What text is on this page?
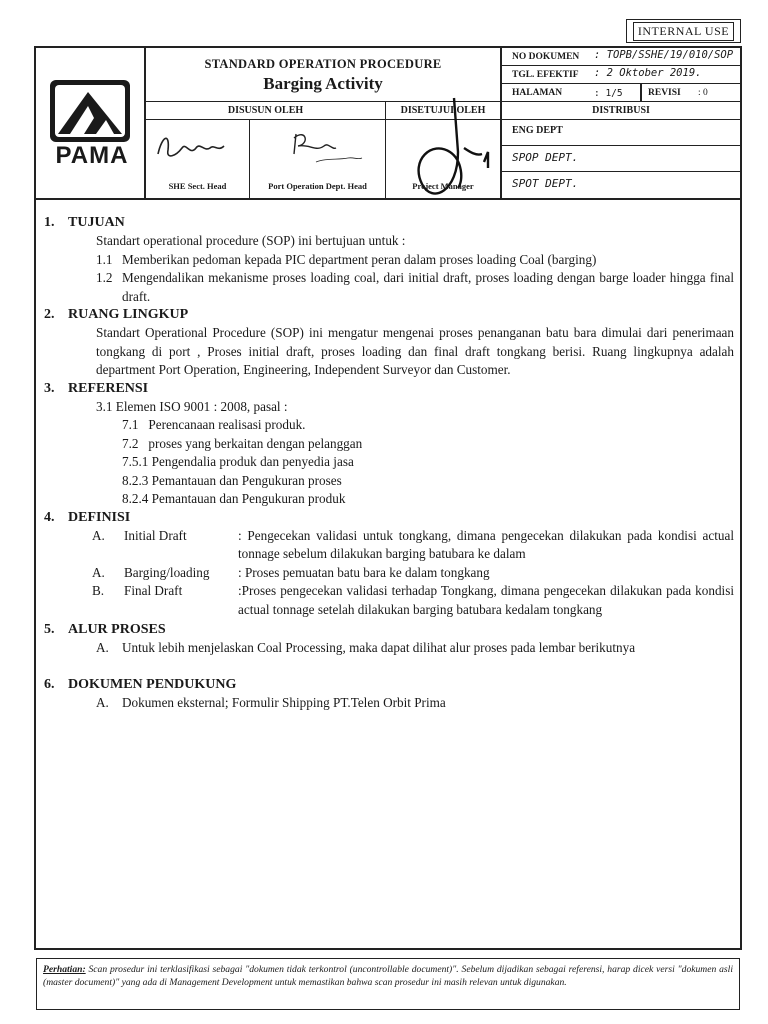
INTERNAL USE
PAMA
STANDARD OPERATION PROCEDURE
Barging Activity
NO DOKUMEN : TOPB/SSHE/19/010/SOP
TGL. EFEKTIF : 2 Oktober 2019.
HALAMAN	: 1/5	REVISI : 0
DISUSUN OLEH	DISETUJUI OLEH
SHE Sect. Head	Port Operation Dept. Head	Project Manager
DISTRIBUSI
ENG DEPT
SPOP DEPT.
SPOT DEPT.
1. TUJUAN
Standart operational procedure (SOP) ini bertujuan untuk :
1.1 Memberikan pedoman kepada PIC department peran dalam proses loading Coal (barging)
1.2 Mengendalikan mekanisme proses loading coal, dari initial draft, proses loading dengan barge loader hingga final draft.
2. RUANG LINGKUP
Standart Operational Procedure (SOP) ini mengatur mengenai proses penanganan batu bara dimulai dari penerimaan tongkang di port , Proses initial draft, proses loading dan final draft tongkang berisi. Ruang lingkupnya adalah department Port Operation, Engineering, Independent Surveyor dan Customer.
3. REFERENSI
3.1 Elemen ISO 9001 : 2008, pasal :
7.1   Perencanaan realisasi produk.
7.2   proses yang berkaitan dengan pelanggan
7.5.1 Pengendalia produk dan penyedia jasa
8.2.3 Pemantauan dan Pengukuran proses
8.2.4 Pemantauan dan Pengukuran produk
4. DEFINISI
A.	Initial Draft	: Pengecekan validasi untuk tongkang, dimana pengecekan dilakukan pada kondisi actual tonnage sebelum dilakukan barging batubara ke dalam
A.	Barging/loading	: Proses pemuatan batu bara ke dalam tongkang
B.	Final Draft	:Proses pengecekan validasi terhadap Tongkang, dimana pengecekan dilakukan pada kondisi actual tonnage setelah dilakukan barging batubara kedalam tongkang
5. ALUR PROSES
A. Untuk lebih menjelaskan Coal Processing, maka dapat dilihat alur proses pada lembar berikutnya
6. DOKUMEN PENDUKUNG
A. Dokumen eksternal; Formulir Shipping PT.Telen Orbit Prima
Perhatian: Scan prosedur ini terklasifikasi sebagai "dokumen tidak terkontrol (uncontrollable document)". Sebelum dijadikan sebagai referensi, harap dicek versi "dokumen asli (master document)" yang ada di Management Development untuk memastikan bahwa scan prosedur ini masih relevan untuk digunakan.
